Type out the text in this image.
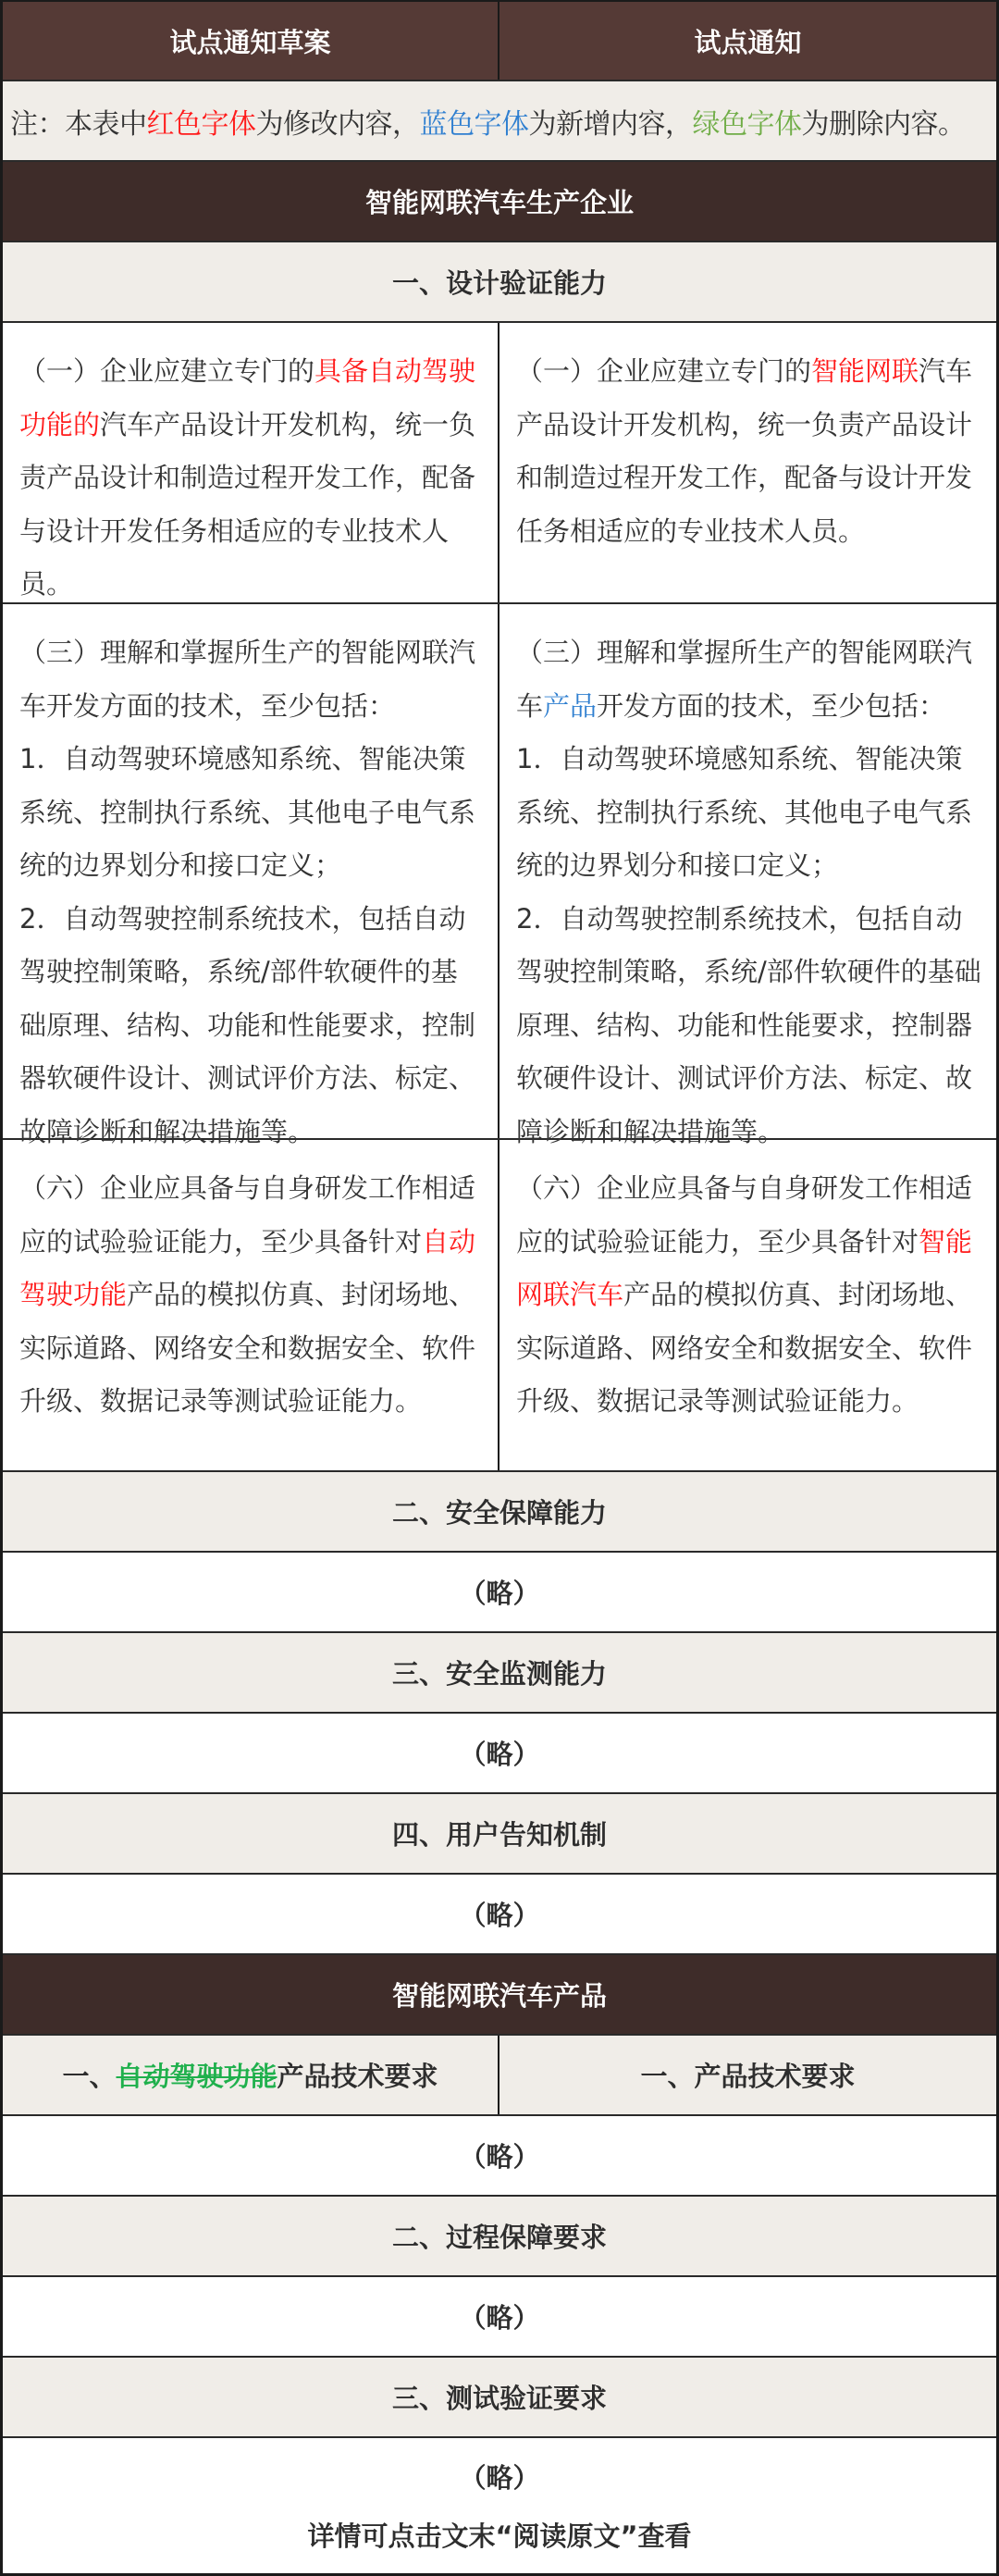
试点通知草案	试点通知
注：本表中 红色字体 为修改内容， 蓝色字体 为新增内容， 绿色字体 为删除内容。
智能网联汽车生产企业
一、设计验证能力
（一）企业应建立专门的具备自动驾驶功能的汽车产品设计开发机构，统一负责产品设计和制造过程开发工作，配备与设计开发任务相适应的专业技术人员。
（一）企业应建立专门的智能网联汽车产品设计开发机构，统一负责产品设计和制造过程开发工作，配备与设计开发任务相适应的专业技术人员。
（三）理解和掌握所生产的智能网联汽车开发方面的技术，至少包括：
1．自动驾驶环境感知系统、智能决策系统、控制执行系统、其他电子电气系统的边界划分和接口定义；
2．自动驾驶控制系统技术，包括自动驾驶控制策略，系统/部件软硬件的基础原理、结构、功能和性能要求，控制器软硬件设计、测试评价方法、标定、故障诊断和解决措施等。
（三）理解和掌握所生产的智能网联汽车产品开发方面的技术，至少包括：
1．自动驾驶环境感知系统、智能决策系统、控制执行系统、其他电子电气系统的边界划分和接口定义；
2．自动驾驶控制系统技术，包括自动驾驶控制策略，系统/部件软硬件的基础原理、结构、功能和性能要求，控制器软硬件设计、测试评价方法、标定、故障诊断和解决措施等。
（六）企业应具备与自身研发工作相适应的试验验证能力，至少具备针对自动驾驶功能产品的模拟仿真、封闭场地、实际道路、网络安全和数据安全、软件升级、数据记录等测试验证能力。
（六）企业应具备与自身研发工作相适应的试验验证能力，至少具备针对智能网联汽车产品的模拟仿真、封闭场地、实际道路、网络安全和数据安全、软件升级、数据记录等测试验证能力。
二、安全保障能力
（略）
三、安全监测能力
（略）
四、用户告知机制
（略）
智能网联汽车产品
一、 自动驾驶功能 产品技术要求	一、产品技术要求
（略）
二、过程保障要求
（略）
三、测试验证要求
（略）
详情可点击文末“阅读原文”查看
